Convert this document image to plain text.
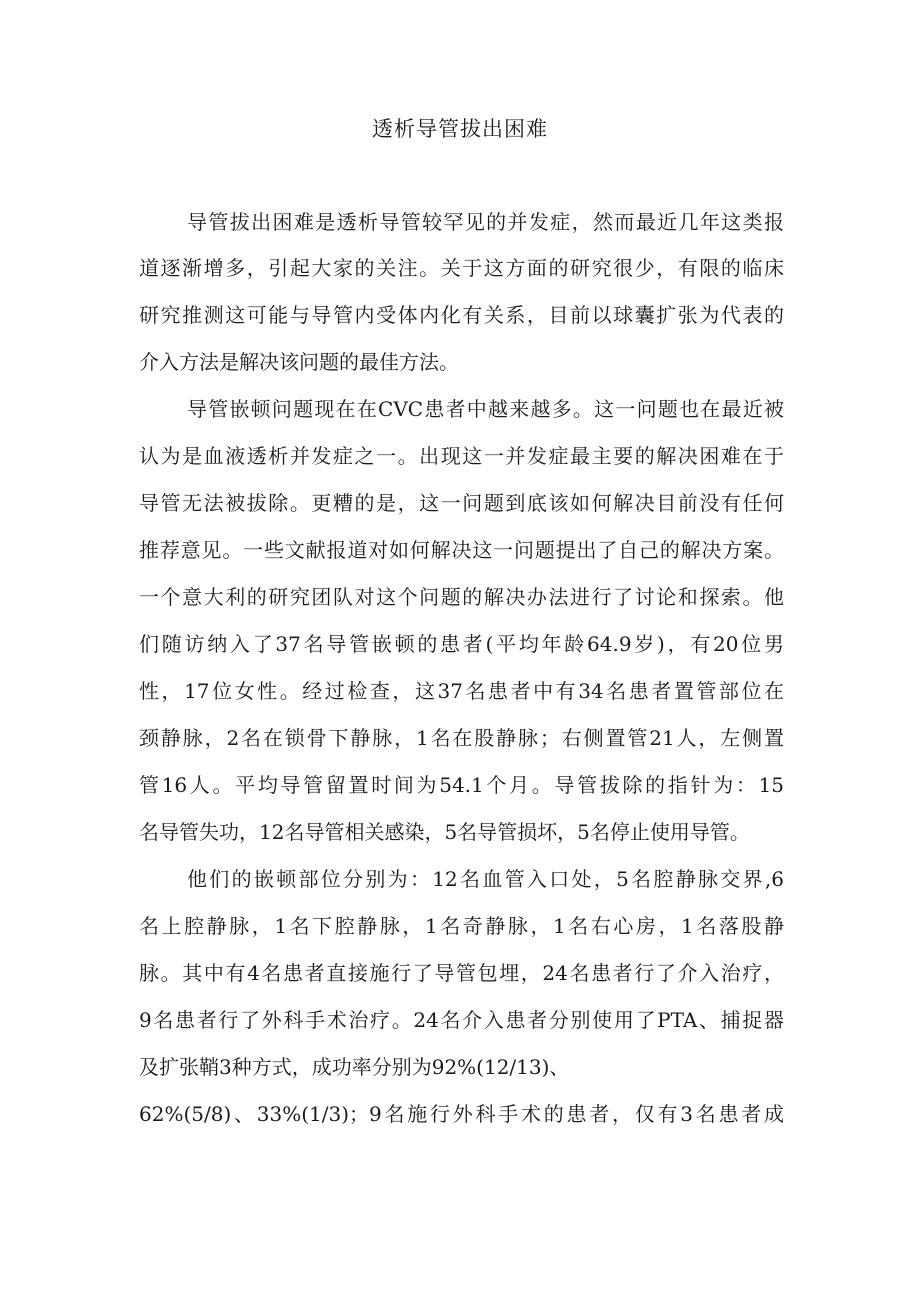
透析导管拔出困难
导管拔出困难是透析导管较罕见的并发症，然而最近几年这类报
道逐渐增多，引起大家的关注。关于这方面的研究很少，有限的临床
研究推测这可能与导管内受体内化有关系，目前以球囊扩张为代表的
介入方法是解决该问题的最佳方法。
导管嵌顿问题现在在CVC患者中越来越多。这一问题也在最近被
认为是血液透析并发症之一。出现这一并发症最主要的解决困难在于
导管无法被拔除。更糟的是，这一问题到底该如何解决目前没有任何
推荐意见。一些文献报道对如何解决这一问题提出了自己的解决方案。
一个意大利的研究团队对这个问题的解决办法进行了讨论和探索。他
们随访纳入了37名导管嵌顿的患者(平均年龄64.9岁)，有20位男
性，17位女性。经过检查，这37名患者中有34名患者置管部位在
颈静脉，2名在锁骨下静脉，1名在股静脉；右侧置管21人，左侧置
管16人。平均导管留置时间为54.1个月。导管拔除的指针为：15
名导管失功，12名导管相关感染，5名导管损坏，5名停止使用导管。
他们的嵌顿部位分别为：12名血管入口处，5名腔静脉交界,6
名上腔静脉，1名下腔静脉，1名奇静脉，1名右心房，1名落股静
脉。其中有4名患者直接施行了导管包埋，24名患者行了介入治疗，
9名患者行了外科手术治疗。24名介入患者分别使用了PTA、捕捉器
及扩张鞘3种方式，成功率分别为92%(12/13)、
62%(5/8)、33%(1/3)；9名施行外科手术的患者，仅有3名患者成
